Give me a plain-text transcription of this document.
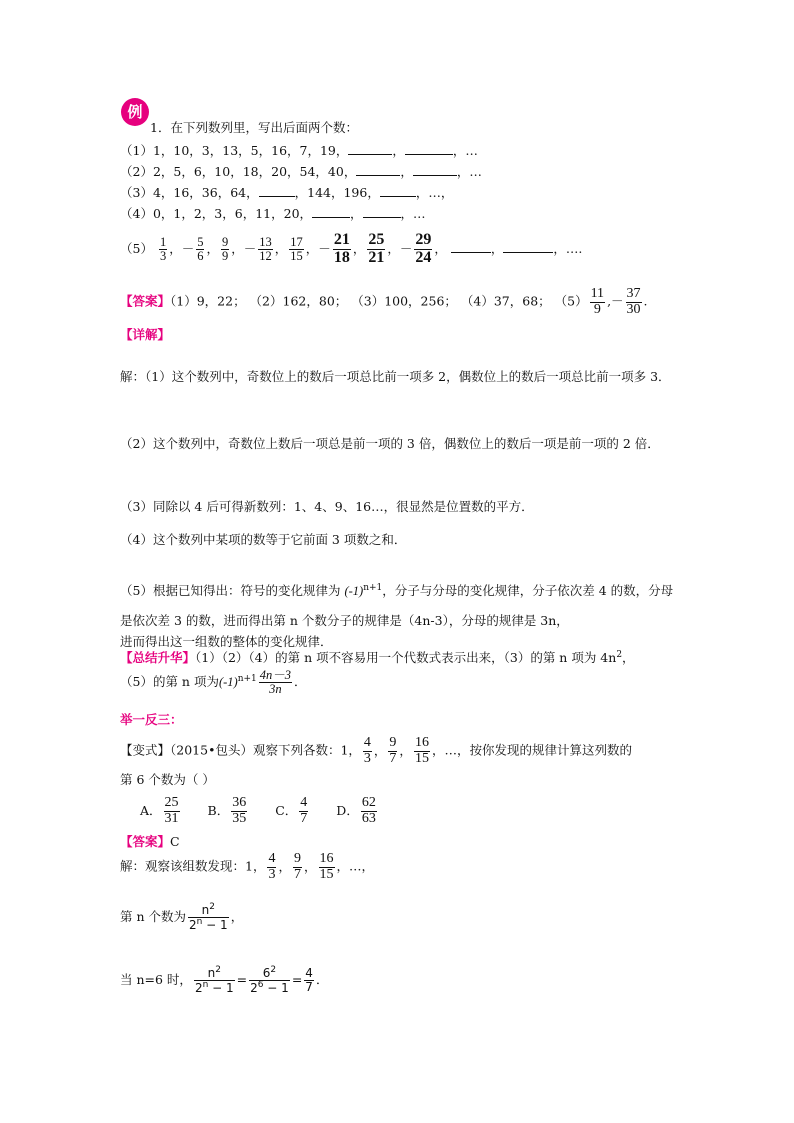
例
1．在下列数列里，写出后面两个数：
（1）1，10，3，13，5，16，7，19，	，	，…
（2）2，5，6，10，18，20，54，40，	，	，…
（3）4，16，36，64，	，144，196，	，…，
（4）0，1，2，3，6，11，20，	，	，…
$(5) \frac{1}{3}$ ，－ $\frac{5}{6}$ ， $\frac{9}{9}$ ，－ $\frac{13}{12}$ ， $\frac{17}{15}$ ，－ $\frac{21}{18}$ ， $\frac{25}{21}$ ，－ $\frac{29}{24}$ ，	，	，….
【答案】（1）9，22； （2）162，80； （3）100，256； （4）37，68； $(5) \frac{11}{9}$ ,－ $\frac{37}{30}$ .
【详解】
解：（1）这个数列中，奇数位上的数后一项总比前一项多 2，偶数位上的数后一项总比前一项多 3．
（2）这个数列中，奇数位上数后一项总是前一项的 3 倍，偶数位上的数后一项是前一项的 2 倍．
（3）同除以 4 后可得新数列：1、4、9、16…，很显然是位置数的平方．
（4）这个数列中某项的数等于它前面 3 项数之和．
（5）根据已知得出：符号的变化规律为 $(-1)^{n+1}$，分子与分母的变化规律，分子依次差 4 的数，分母是依次差 3 的数，进而得出第 n 个数分子的规律是（4n-3），分母的规律是 3n，
进而得出这一组数的整体的变化规律．
【总结升华】（1）（2）（4）的第 n 项不容易用一个代数式表示出来，（3）的第 n 项为 $4n^2$，
（5）的第 n 项为$(-1)^{n+1} \frac{4n-3}{3n}$ ．
举一反三：
【变式】（2015•包头）观察下列各数：1， $\frac{4}{3}$ ， $\frac{9}{7}$ ， $\frac{16}{15}$ ，…，按你发现的规律计算这列数的
第 6 个数为（ ）
A． $\frac{25}{31}$ B． $\frac{36}{35}$ C． $\frac{4}{7}$ D． $\frac{62}{63}$
【答案】C
解：观察该组数发现：1， $\frac{4}{3}$ ， $\frac{9}{7}$ ， $\frac{16}{15}$ ，…，
第 n 个数为 $\frac{n^2}{2^n - 1}$ ，
当 n=6 时， $\frac{n^2}{2^n - 1} = \frac{6^2}{2^6 - 1} = \frac{4}{7}$ ．
